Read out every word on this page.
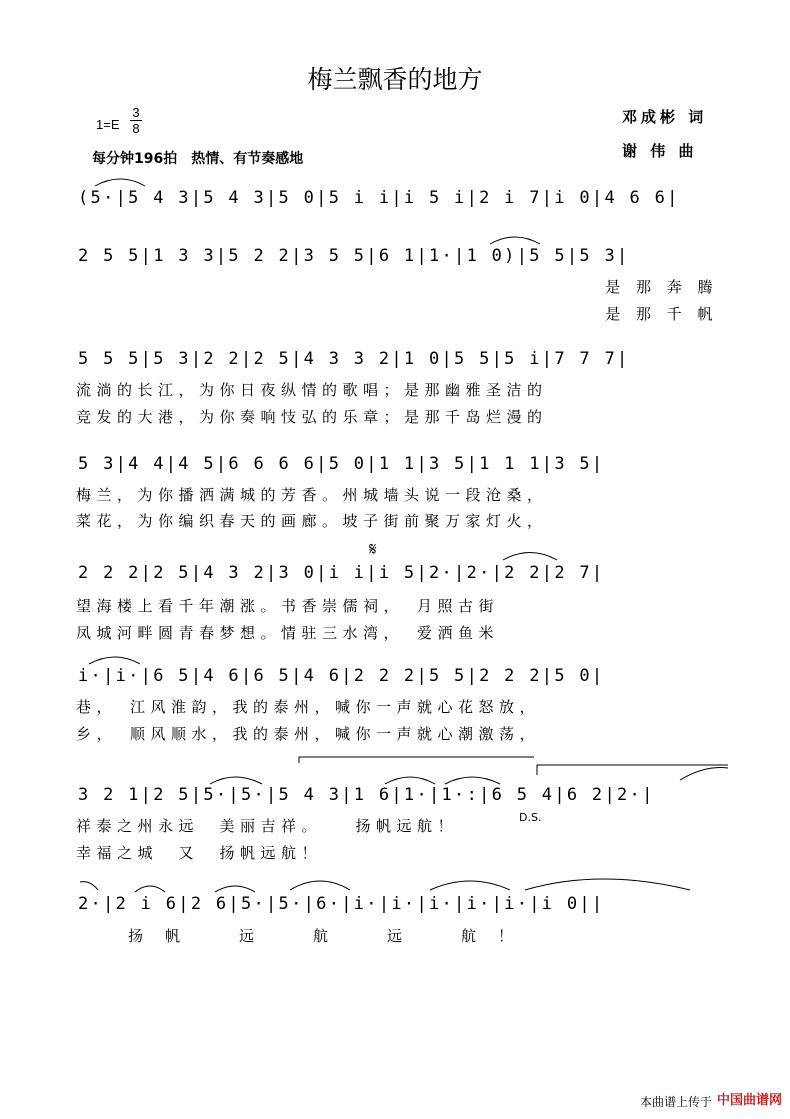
梅兰飘香的地方
$1=E \frac{3}{8}$
每分钟196拍　热情、有节奏感地
邓成彬 词
谢 伟 曲
(5·|5 4 3|5 4 3|5 0|5 i i|i 5 i|2 i 7|i 0|4 6 6|
2 5 5|1 3 3|5 2 2|3 5 5|6 1|1·|1 0)|5 5|5 3|
是 那 奔 腾
是 那 千 帆
5 5 5|5 3|2 2|2 5|4 3 3 2|1 0|5 5|5 i|7 7 7|
流淌的长江，为你日夜纵情的歌唱；是那幽雅圣洁的
竞发的大港，为你奏响忮弘的乐章；是那千岛烂漫的
5 3|4 4|4 5|6 6 6 6|5 0|1 1|3 5|1 1 1|3 5|
梅兰，为你播洒满城的芳香。州城墙头说一段沧桑，
菜花，为你编织春天的画廊。坡子街前聚万家灯火，
𝄋
2 2 2|2 5|4 3 2|3 0|i i|i 5|2·|2·|2 2|2 7|
望海楼上看千年潮涨。书香崇儒祠，　月照古街
凤城河畔圆青春梦想。情驻三水湾，　爱洒鱼米
i·|i·|6 5|4 6|6 5|4 6|2 2 2|5 5|2 2 2|5 0|
巷，　江风淮韵，我的泰州，喊你一声就心花怒放，
乡，　顺风顺水，我的泰州，喊你一声就心潮激荡，
3 2 1|2 5|5·|5·|5 4 3|1 6|1·|1·:|6 5 4|6 2|2·|
祥泰之州永远　美丽吉祥。　　扬帆远航！
幸福之城　又　扬帆远航！
D.S.
2·|2 i 6|2 6|5·|5·|6·|i·|i·|i·|i·|i·|i 0||
扬帆　远　航　远　航！
本曲谱上传于 中国曲谱网
